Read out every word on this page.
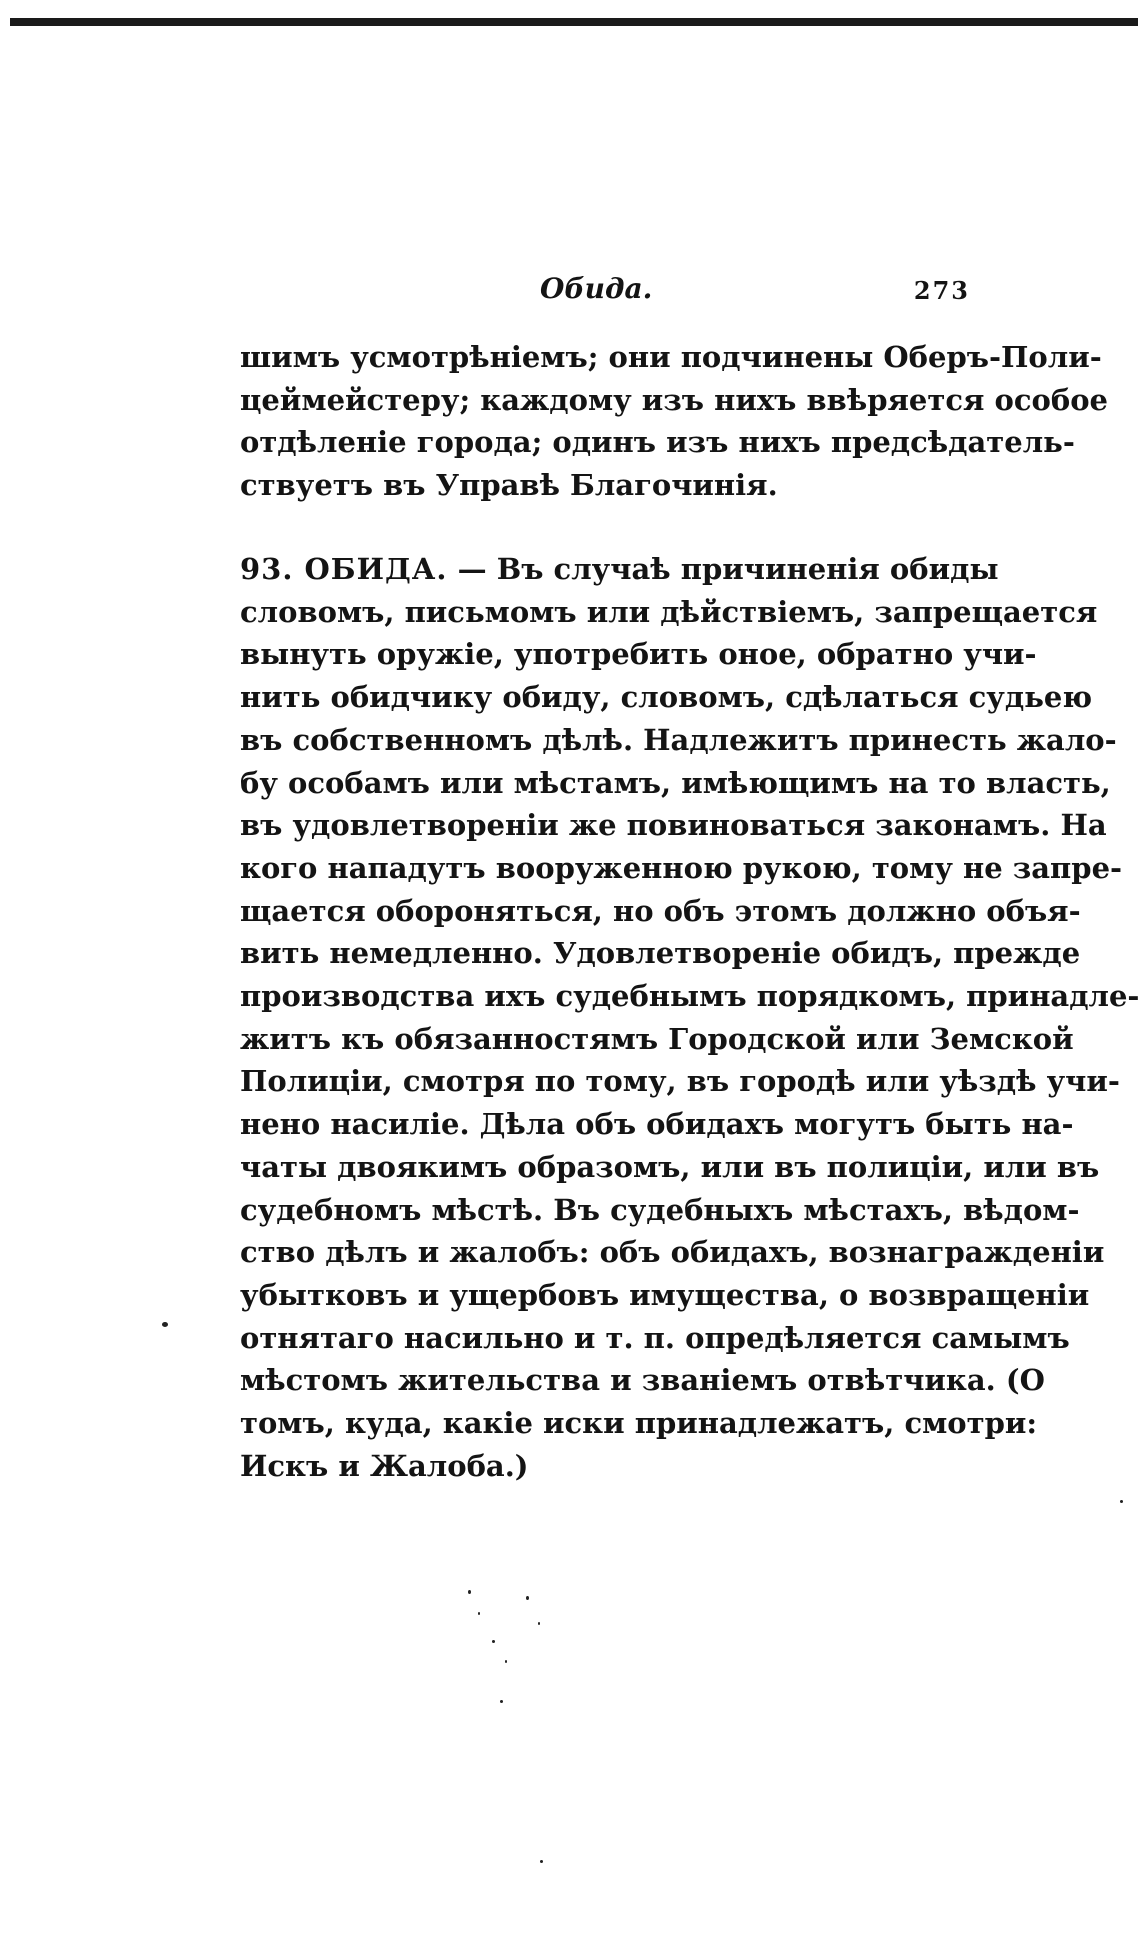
Обида.	273
шимъ усмотрѣніемъ; они подчинены Оберъ-Поли-
цеймейстеру; каждому изъ нихъ ввѣряется особое
отдѣленіе города; одинъ изъ нихъ предсѣдатель-
ствуетъ въ Управѣ Благочинія.
93. ОБИДА. — Въ случаѣ причиненія обиды
словомъ, письмомъ или дѣйствіемъ, запрещается
вынуть оружіе, употребить оное, обратно учи-
нить обидчику обиду, словомъ, сдѣлаться судьею
въ собственномъ дѣлѣ. Надлежитъ принесть жало-
бу особамъ или мѣстамъ, имѣющимъ на то власть,
въ удовлетвореніи же повиноваться законамъ. На
кого нападутъ вооруженною рукою, тому не запре-
щается обороняться, но объ этомъ должно объя-
вить немедленно. Удовлетвореніе обидъ, прежде
производства ихъ судебнымъ порядкомъ, принадле-
житъ къ обязанностямъ Городской или Земской
Полиціи, смотря по тому, въ городѣ или уѣздѣ учи-
нено насиліе. Дѣла объ обидахъ могутъ быть на-
чаты двоякимъ образомъ, или въ полиціи, или въ
судебномъ мѣстѣ. Въ судебныхъ мѣстахъ, вѣдом-
ство дѣлъ и жалобъ: объ обидахъ, вознагражденіи
убытковъ и ущербовъ имущества, о возвращеніи
отнятаго насильно и т. п. опредѣляется самымъ
мѣстомъ жительства и званіемъ отвѣтчика. (О
томъ, куда, какіе иски принадлежатъ, смотри:
Искъ и Жалоба.)
